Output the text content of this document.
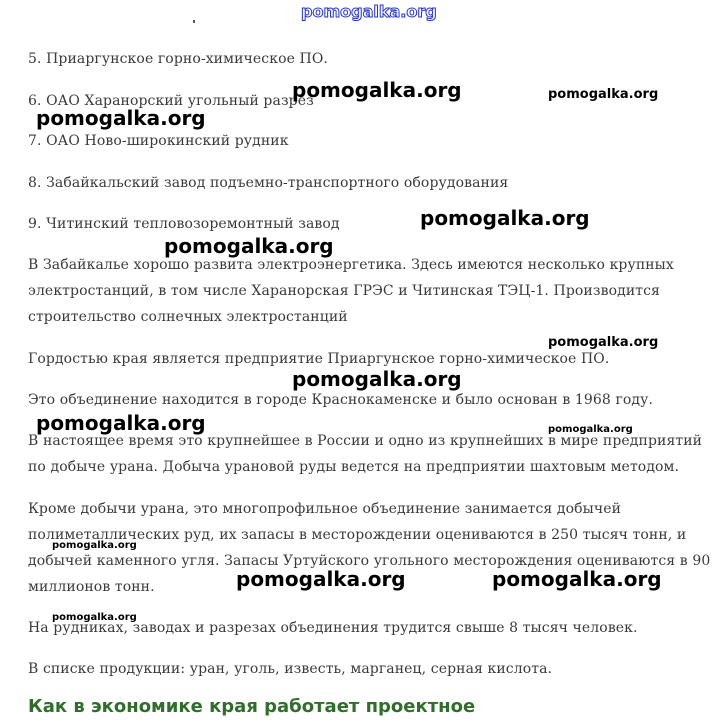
pomogalka.org
5. Приаргунское горно-химическое ПО.
6. ОАО Харанорский угольный разрез
7. ОАО Ново-широкинский рудник
8. Забайкальский завод подъемно-транспортного оборудования
9. Читинский тепловозоремонтный завод
В Забайкалье хорошо развита электроэнергетика. Здесь имеются несколько крупных
электростанций, в том числе Харанорская ГРЭС и Читинская ТЭЦ-1. Производится
строительство солнечных электростанций
Гордостью края является предприятие Приаргунское горно-химическое ПО.
Это объединение находится в городе Краснокаменске и было основан в 1968 году.
В настоящее время это крупнейшее в России и одно из крупнейших в мире предприятий
по добыче урана. Добыча урановой руды ведется на предприятии шахтовым методом.
Кроме добычи урана, это многопрофильное объединение занимается добычей
полиметаллических руд, их запасы в месторождении оцениваются в 250 тысяч тонн, и
добычей каменного угля. Запасы Уртуйского угольного месторождения оцениваются в 90
миллионов тонн.
На рудниках, заводах и разрезах объединения трудится свыше 8 тысяч человек.
В списке продукции: уран, уголь, известь, марганец, серная кислота.
Как в экономике края работает проектное
pomogalka.org	pomogalka.org
pomogalka.org
pomogalka.org
pomogalka.org
pomogalka.org
pomogalka.org
pomogalka.org	pomogalka.org
pomogalka.org
pomogalka.org	pomogalka.org
pomogalka.org
